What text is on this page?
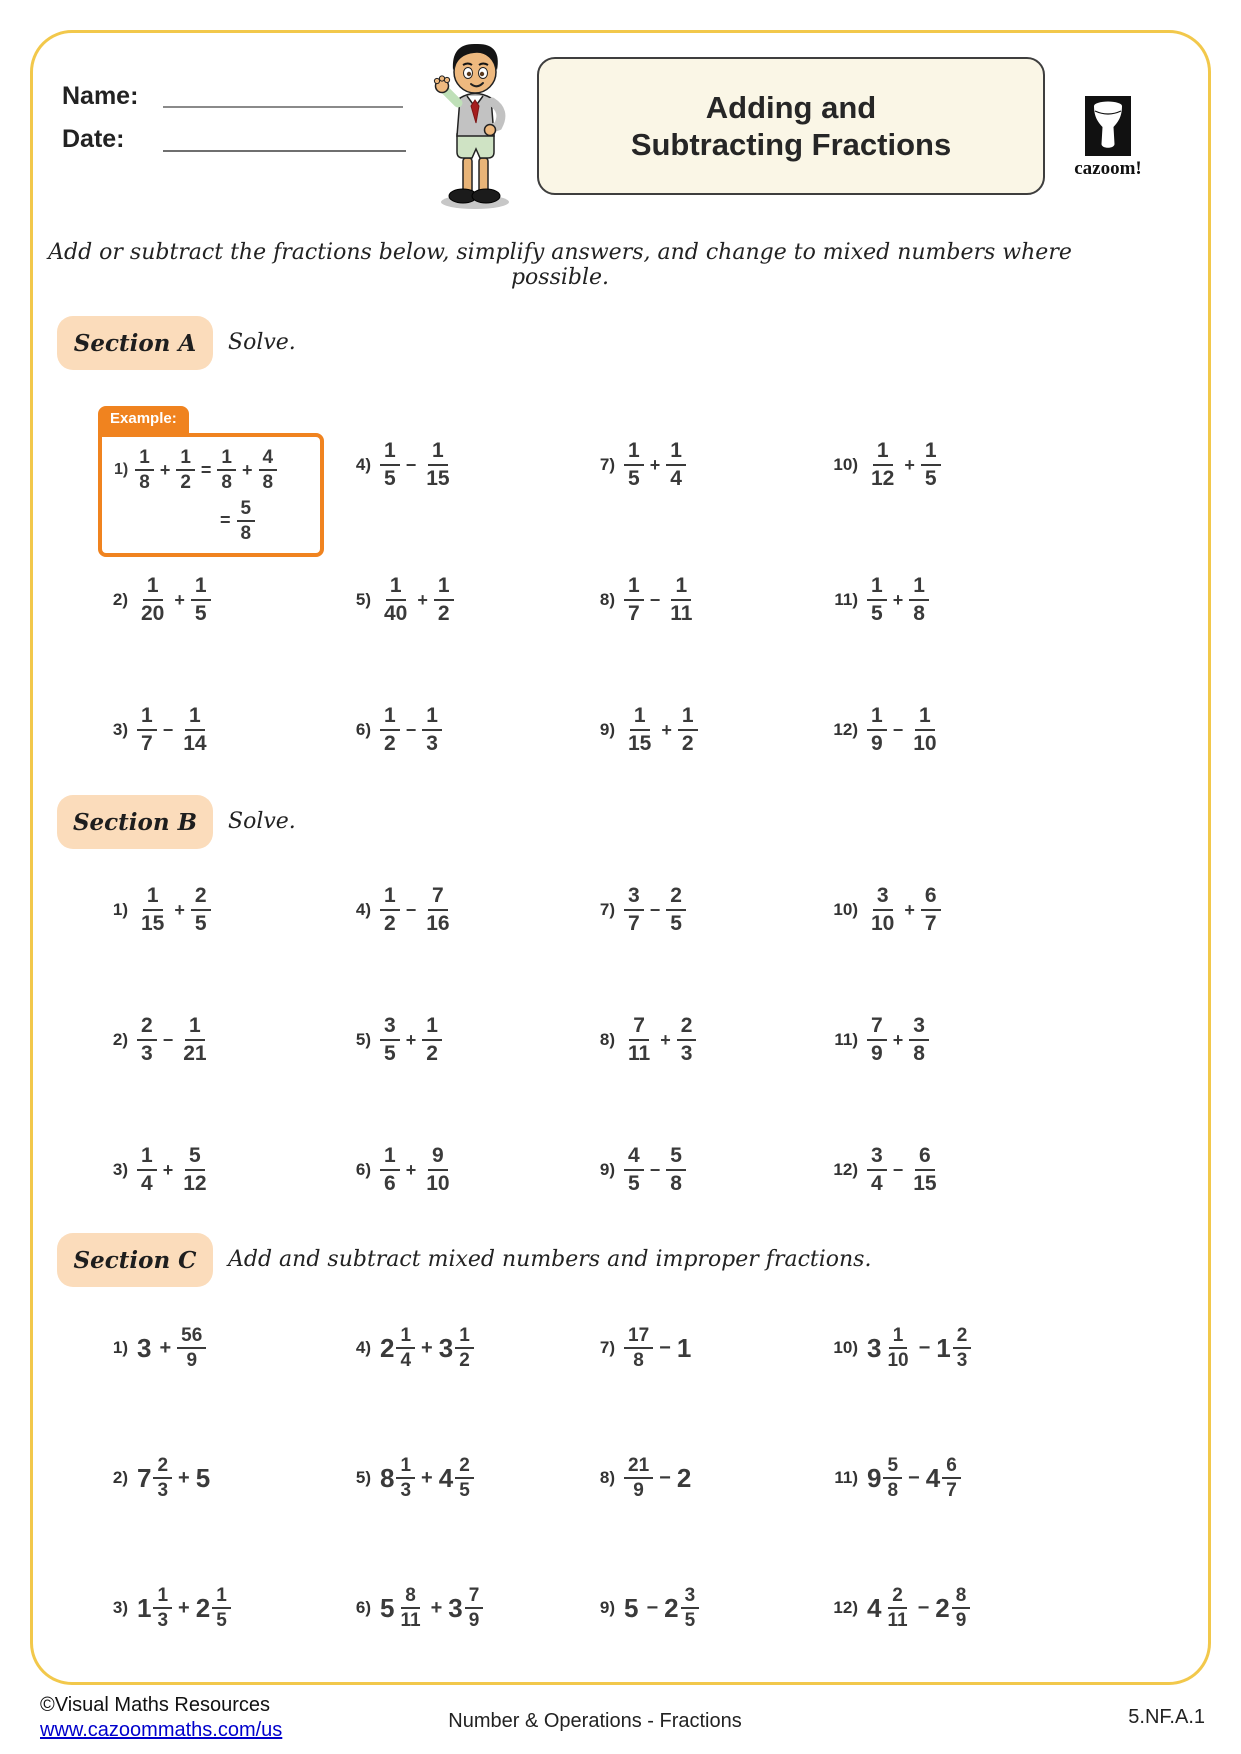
Name:
Date:
Adding and
Subtracting Fractions
cazoom!
Add or subtract the fractions below, simplify answers, and change to mixed numbers where possible.
Section A Solve.
Section B Solve.
Section C Add and subtract mixed numbers and improper fractions.
Example:
$1) \frac{1}{8} + \frac{1}{2} = \frac{1}{8} + \frac{4}{8}$
= $\frac{5}{8}$
$2) \frac{1}{20} + \frac{1}{5}$
$3) \frac{1}{7} - \frac{1}{14}$
$4) \frac{1}{5} - \frac{1}{15}$
$5) \frac{1}{40} + \frac{1}{2}$
$6) \frac{1}{2} - \frac{1}{3}$
$7) \frac{1}{5} + \frac{1}{4}$
$8) \frac{1}{7} - \frac{1}{11}$
$9) \frac{1}{15} + \frac{1}{2}$
$10) \frac{1}{12} + \frac{1}{5}$
$11) \frac{1}{5} + \frac{1}{8}$
$12) \frac{1}{9} - \frac{1}{10}$
$1) \frac{1}{15} + \frac{2}{5}$
$2) \frac{2}{3} - \frac{1}{21}$
$3) \frac{1}{4} + \frac{5}{12}$
$4) \frac{1}{2} - \frac{7}{16}$
$5) \frac{3}{5} + \frac{1}{2}$
$6) \frac{1}{6} + \frac{9}{10}$
$7) \frac{3}{7} - \frac{2}{5}$
$8) \frac{7}{11} + \frac{2}{3}$
$9) \frac{4}{5} - \frac{5}{8}$
$10) \frac{3}{10} + \frac{6}{7}$
$11) \frac{7}{9} + \frac{3}{8}$
$12) \frac{3}{4} - \frac{6}{15}$
1) $3 + \frac{56}{9}$
2) $7 \frac{2}{3} + 5$
3) $1 \frac{1}{3} + 2 \frac{1}{5}$
4) $2 \frac{1}{4} + 3 \frac{1}{2}$
5) $8 \frac{1}{3} + 4 \frac{2}{5}$
6) $5 \frac{8}{11} + 3 \frac{7}{9}$
$7) \frac{17}{8} - 1$
$8) \frac{21}{9} - 2$
9) $5 - 2 \frac{3}{5}$
10) $3 \frac{1}{10} - 1 \frac{2}{3}$
11) $9 \frac{5}{8} - 4 \frac{6}{7}$
12) $4 \frac{2}{11} - 2 \frac{8}{9}$
©Visual Maths Resources
www.cazoommaths.com/us	Number & Operations - Fractions	5.NF.A.1
